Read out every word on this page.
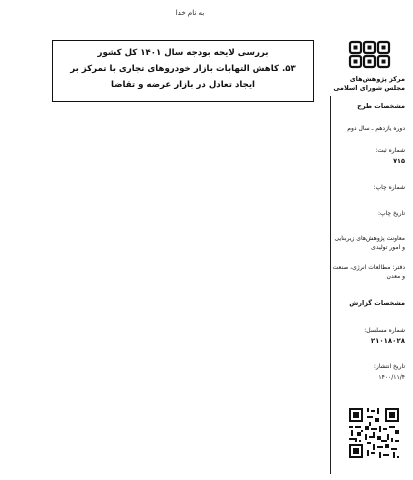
به نام خدا
بررسی لایحه بودجه سال ۱۴۰۱ کل کشور
۵۳. کاهش التهابات بازار خودروهای تجاری با تمرکز بر
ایجاد تعادل در بازار عرضه و تقاضا
مرکز پژوهش‌های
مجلس شورای اسلامی
مشخصات طرح
دوره یازدهم ـ سال دوم
شماره ثبت:
۷۱۵
شماره چاپ:
تاریخ چاپ:
معاونت پژوهش‌های زیربنایی و امور تولیدی
دفتر: مطالعات انرژی، صنعت و معدن
مشخصات گزارش
شماره مسلسل:
۲۱۰۱۸۰۲۸
تاریخ انتشار:
۱۴۰۰/۱۱/۴
